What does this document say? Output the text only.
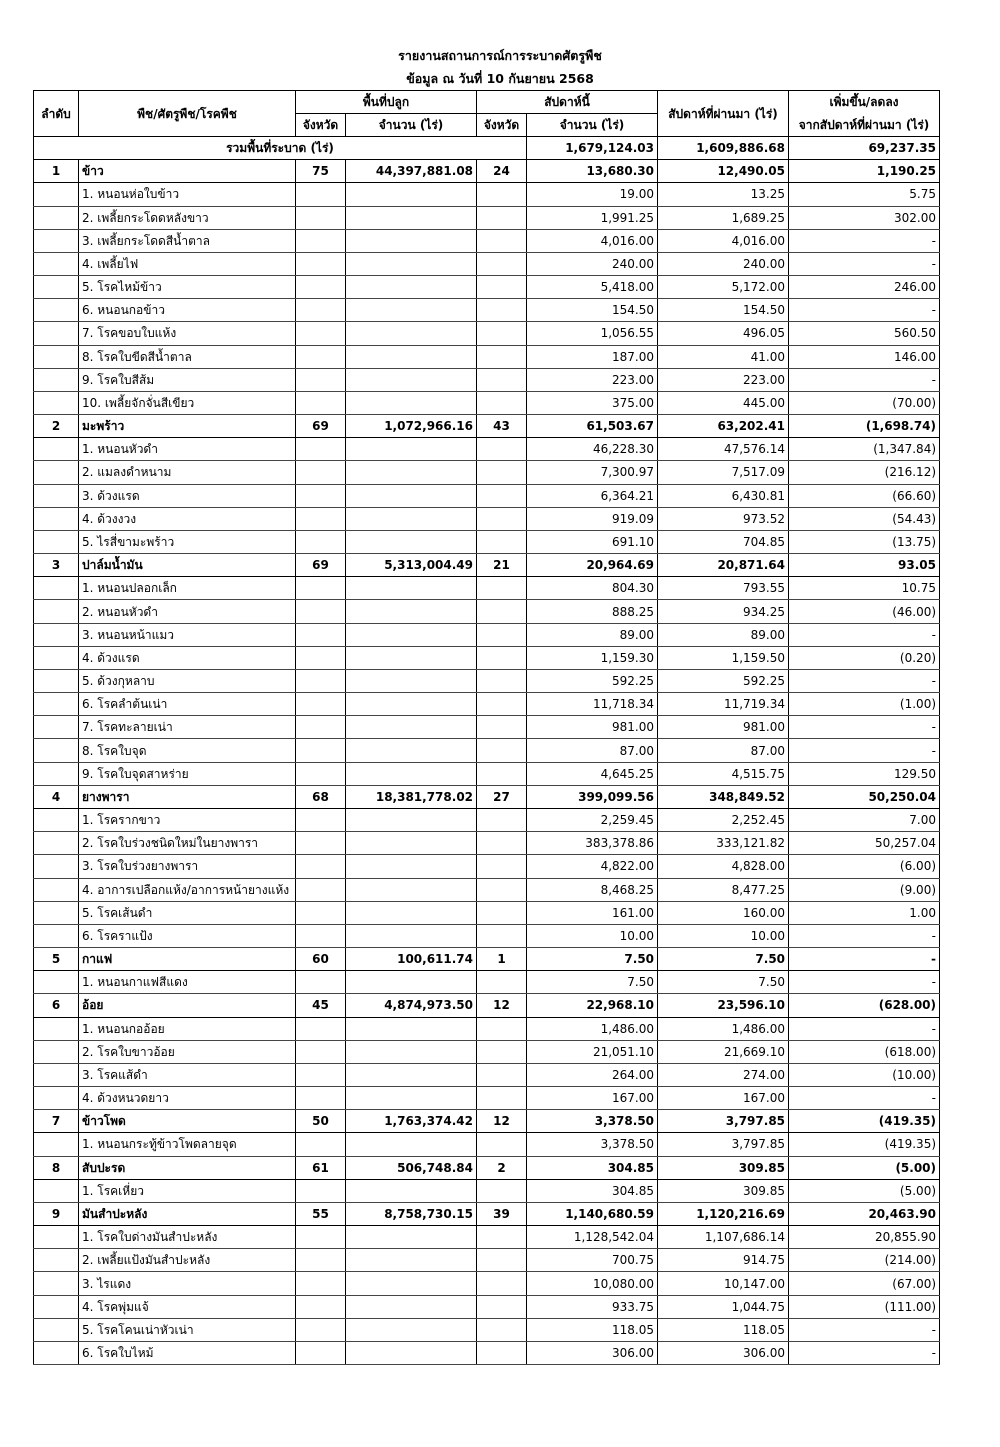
รายงานสถานการณ์การระบาดศัตรูพืช
ข้อมูล ณ วันที่ 10 กันยายน 2568
ลำดับ	พืช/ศัตรูพืช/โรคพืช	พื้นที่ปลูก		สัปดาห์นี้		สัปดาห์ที่ผ่านมา (ไร่)	เพิ่มขึ้น/ลดลง
		จังหวัด	จำนวน (ไร่)	จังหวัด	จำนวน (ไร่)		จากสัปดาห์ที่ผ่านมา (ไร่)
รวมพื้นที่ระบาด (ไร่)					1,679,124.03	1,609,886.68	69,237.35
1	ข้าว	75	44,397,881.08	24	13,680.30	12,490.05	1,190.25
	1. หนอนห่อใบข้าว				19.00	13.25	5.75
	2. เพลี้ยกระโดดหลังขาว				1,991.25	1,689.25	302.00
	3. เพลี้ยกระโดดสีน้ำตาล				4,016.00	4,016.00	-
	4. เพลี้ยไฟ				240.00	240.00	-
	5. โรคไหม้ข้าว				5,418.00	5,172.00	246.00
	6. หนอนกอข้าว				154.50	154.50	-
	7. โรคขอบใบแห้ง				1,056.55	496.05	560.50
	8. โรคใบขีดสีน้ำตาล				187.00	41.00	146.00
	9. โรคใบสีส้ม				223.00	223.00	-
	10. เพลี้ยจักจั่นสีเขียว				375.00	445.00	(70.00)
2	มะพร้าว	69	1,072,966.16	43	61,503.67	63,202.41	(1,698.74)
	1. หนอนหัวดำ				46,228.30	47,576.14	(1,347.84)
	2. แมลงดำหนาม				7,300.97	7,517.09	(216.12)
	3. ด้วงแรด				6,364.21	6,430.81	(66.60)
	4. ด้วงงวง				919.09	973.52	(54.43)
	5. ไรสี่ขามะพร้าว				691.10	704.85	(13.75)
3	ปาล์มน้ำมัน	69	5,313,004.49	21	20,964.69	20,871.64	93.05
	1. หนอนปลอกเล็ก				804.30	793.55	10.75
	2. หนอนหัวดำ				888.25	934.25	(46.00)
	3. หนอนหน้าแมว				89.00	89.00	-
	4. ด้วงแรด				1,159.30	1,159.50	(0.20)
	5. ด้วงกุหลาบ				592.25	592.25	-
	6. โรคลำต้นเน่า				11,718.34	11,719.34	(1.00)
	7. โรคทะลายเน่า				981.00	981.00	-
	8. โรคใบจุด				87.00	87.00	-
	9. โรคใบจุดสาหร่าย				4,645.25	4,515.75	129.50
4	ยางพารา	68	18,381,778.02	27	399,099.56	348,849.52	50,250.04
	1. โรครากขาว				2,259.45	2,252.45	7.00
	2. โรคใบร่วงชนิดใหม่ในยางพารา				383,378.86	333,121.82	50,257.04
	3. โรคใบร่วงยางพารา				4,822.00	4,828.00	(6.00)
	4. อาการเปลือกแห้ง/อาการหน้ายางแห้ง				8,468.25	8,477.25	(9.00)
	5. โรคเส้นดำ				161.00	160.00	1.00
	6. โรคราแป้ง				10.00	10.00	-
5	กาแฟ	60	100,611.74	1	7.50	7.50	-
	1. หนอนกาแฟสีแดง				7.50	7.50	-
6	อ้อย	45	4,874,973.50	12	22,968.10	23,596.10	(628.00)
	1. หนอนกออ้อย				1,486.00	1,486.00	-
	2. โรคใบขาวอ้อย				21,051.10	21,669.10	(618.00)
	3. โรคแส้ดำ				264.00	274.00	(10.00)
	4. ด้วงหนวดยาว				167.00	167.00	-
7	ข้าวโพด	50	1,763,374.42	12	3,378.50	3,797.85	(419.35)
	1. หนอนกระทู้ข้าวโพดลายจุด				3,378.50	3,797.85	(419.35)
8	สับปะรด	61	506,748.84	2	304.85	309.85	(5.00)
	1. โรคเหี่ยว				304.85	309.85	(5.00)
9	มันสำปะหลัง	55	8,758,730.15	39	1,140,680.59	1,120,216.69	20,463.90
	1. โรคใบด่างมันสำปะหลัง				1,128,542.04	1,107,686.14	20,855.90
	2. เพลี้ยแป้งมันสำปะหลัง				700.75	914.75	(214.00)
	3. ไรแดง				10,080.00	10,147.00	(67.00)
	4. โรคพุ่มแจ้				933.75	1,044.75	(111.00)
	5. โรคโคนเน่าหัวเน่า				118.05	118.05	-
	6. โรคใบไหม้				306.00	306.00	-
